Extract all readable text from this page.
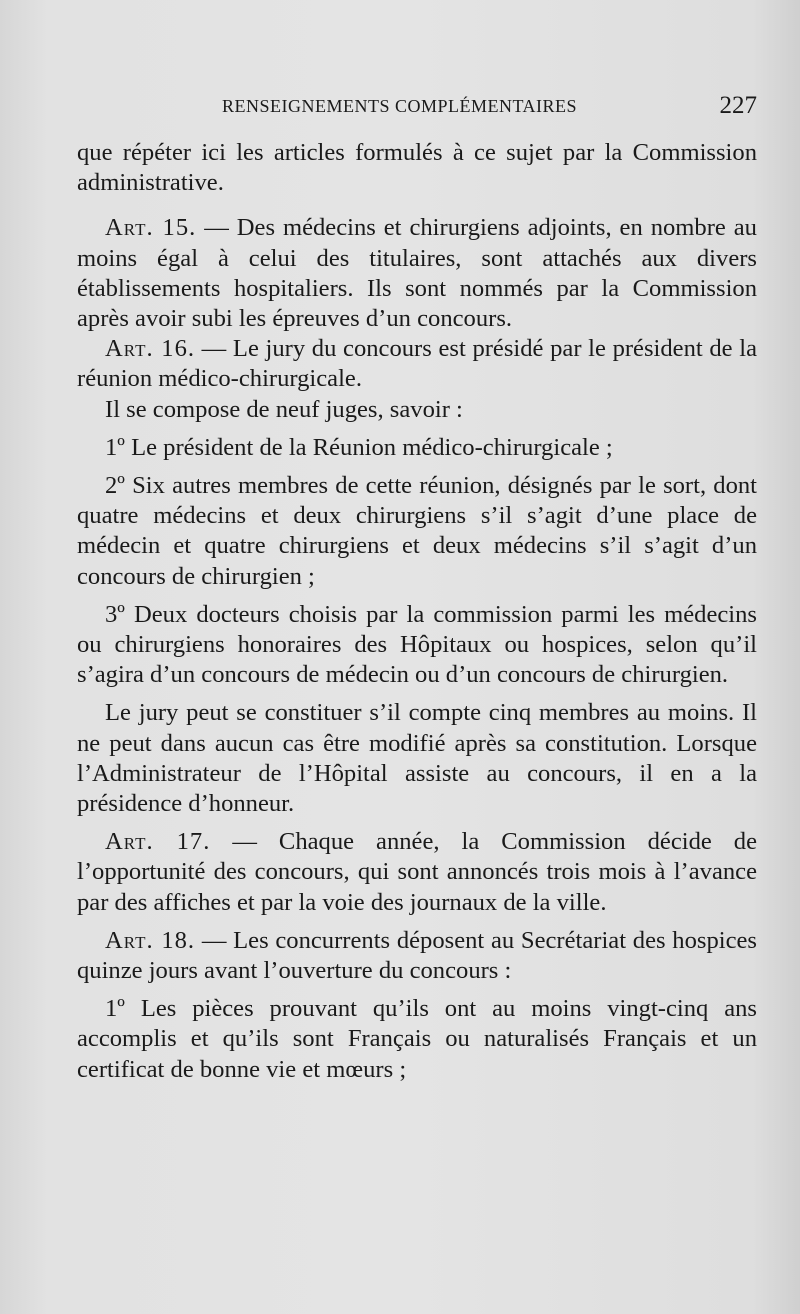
RENSEIGNEMENTS COMPLÉMENTAIRES	227

que répéter ici les articles formulés à ce sujet par la Commission administrative.

Art. 15. — Des médecins et chirurgiens adjoints, en nombre au moins égal à celui des titulaires, sont attachés aux divers établissements hospitaliers. Ils sont nommés par la Commission après avoir subi les épreuves d’un concours.

Art. 16. — Le jury du concours est présidé par le président de la réunion médico-chirurgicale.

Il se compose de neuf juges, savoir :

1º Le président de la Réunion médico-chirurgicale ;

2º Six autres membres de cette réunion, désignés par le sort, dont quatre médecins et deux chirurgiens s’il s’agit d’une place de médecin et quatre chirurgiens et deux médecins s’il s’agit d’un concours de chirurgien ;

3º Deux docteurs choisis par la commission parmi les médecins ou chirurgiens honoraires des Hôpitaux ou hospices, selon qu’il s’agira d’un concours de médecin ou d’un concours de chirurgien.

Le jury peut se constituer s’il compte cinq membres au moins. Il ne peut dans aucun cas être modifié après sa constitution. Lorsque l’Administrateur de l’Hôpital assiste au concours, il en a la présidence d’honneur.

Art. 17. — Chaque année, la Commission décide de l’opportunité des concours, qui sont annoncés trois mois à l’avance par des affiches et par la voie des journaux de la ville.

Art. 18. — Les concurrents déposent au Secrétariat des hospices quinze jours avant l’ouverture du concours :

1º Les pièces prouvant qu’ils ont au moins vingt-cinq ans accomplis et qu’ils sont Français ou naturalisés Français et un certificat de bonne vie et mœurs ;
